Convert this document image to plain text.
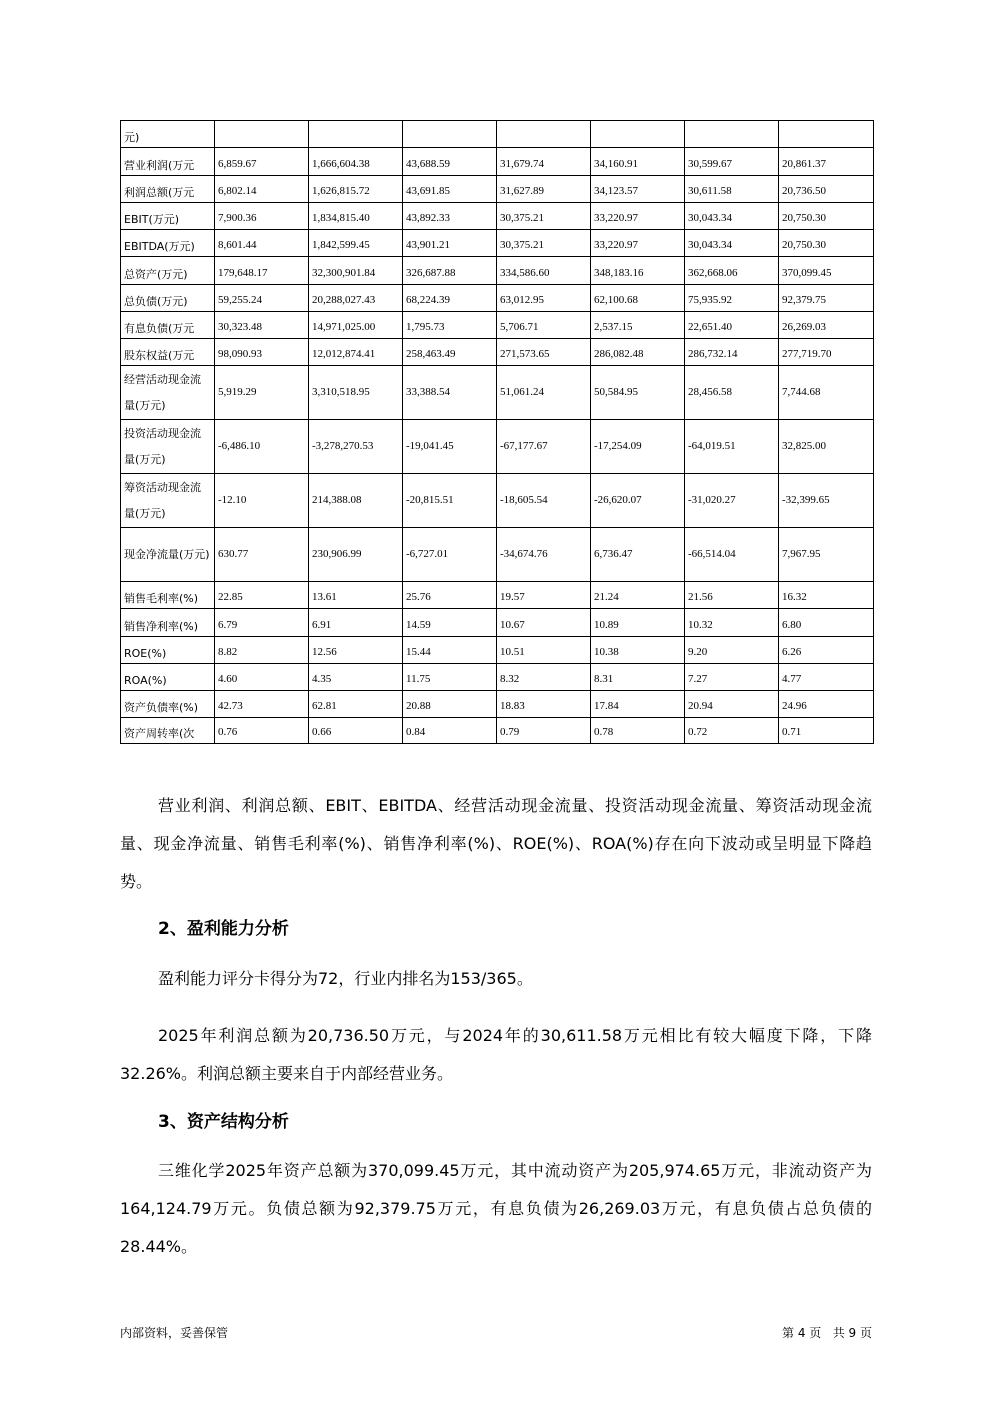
元)							
营业利润(万元	6,859.67	1,666,604.38	43,688.59	31,679.74	34,160.91	30,599.67	20,861.37
利润总额(万元	6,802.14	1,626,815.72	43,691.85	31,627.89	34,123.57	30,611.58	20,736.50
EBIT(万元)	7,900.36	1,834,815.40	43,892.33	30,375.21	33,220.97	30,043.34	20,750.30
EBITDA(万元)	8,601.44	1,842,599.45	43,901.21	30,375.21	33,220.97	30,043.34	20,750.30
总资产(万元)	179,648.17	32,300,901.84	326,687.88	334,586.60	348,183.16	362,668.06	370,099.45
总负债(万元)	59,255.24	20,288,027.43	68,224.39	63,012.95	62,100.68	75,935.92	92,379.75
有息负债(万元	30,323.48	14,971,025.00	1,795.73	5,706.71	2,537.15	22,651.40	26,269.03
股东权益(万元	98,090.93	12,012,874.41	258,463.49	271,573.65	286,082.48	286,732.14	277,719.70
经营活动现金流量(万元)	5,919.29	3,310,518.95	33,388.54	51,061.24	50,584.95	28,456.58	7,744.68
投资活动现金流量(万元)	-6,486.10	-3,278,270.53	-19,041.45	-67,177.67	-17,254.09	-64,019.51	32,825.00
筹资活动现金流量(万元)	-12.10	214,388.08	-20,815.51	-18,605.54	-26,620.07	-31,020.27	-32,399.65
现金净流量(万元)	630.77	230,906.99	-6,727.01	-34,674.76	6,736.47	-66,514.04	7,967.95
销售毛利率(%)	22.85	13.61	25.76	19.57	21.24	21.56	16.32
销售净利率(%)	6.79	6.91	14.59	10.67	10.89	10.32	6.80
ROE(%)	8.82	12.56	15.44	10.51	10.38	9.20	6.26
ROA(%)	4.60	4.35	11.75	8.32	8.31	7.27	4.77
资产负债率(%)	42.73	62.81	20.88	18.83	17.84	20.94	24.96
资产周转率(次	0.76	0.66	0.84	0.79	0.78	0.72	0.71

营业利润、利润总额、EBIT、EBITDA、经营活动现金流量、投资活动现金流量、筹资活动现金流量、现金净流量、销售毛利率(%)、销售净利率(%)、ROE(%)、ROA(%)存在向下波动或呈明显下降趋势。

2、盈利能力分析

盈利能力评分卡得分为72，行业内排名为153/365。

2025年利润总额为20,736.50万元，与2024年的30,611.58万元相比有较大幅度下降，下降32.26%。利润总额主要来自于内部经营业务。

3、资产结构分析

三维化学2025年资产总额为370,099.45万元，其中流动资产为205,974.65万元，非流动资产为164,124.79万元。负债总额为92,379.75万元，有息负债为26,269.03万元，有息负债占总负债的28.44%。

内部资料，妥善保管	第 4 页   共 9 页
